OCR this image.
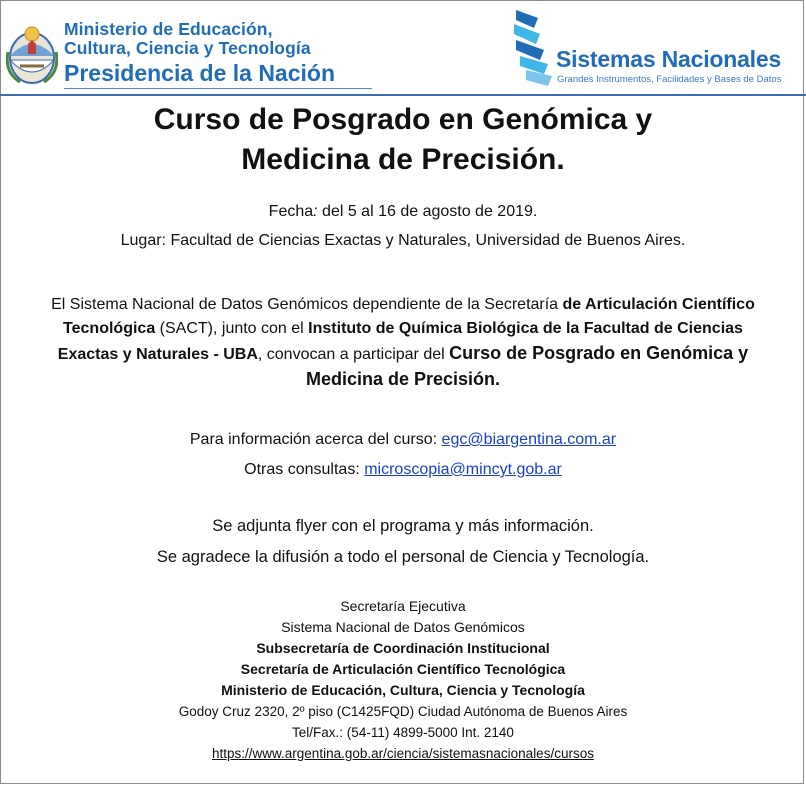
Ministerio de Educación,
Cultura, Ciencia y Tecnología
Presidencia de la Nación
Sistemas Nacionales
Grandes Instrumentos, Facilidades y Bases de Datos
Curso de Posgrado en Genómica y
Medicina de Precisión.
Fecha: del 5 al 16 de agosto de 2019.
Lugar: Facultad de Ciencias Exactas y Naturales, Universidad de Buenos Aires.
El Sistema Nacional de Datos Genómicos dependiente de la Secretaría de Articulación Científico Tecnológica (SACT), junto con el Instituto de Química Biológica de la Facultad de Ciencias Exactas y Naturales - UBA, convocan a participar del Curso de Posgrado en Genómica y Medicina de Precisión.
Para información acerca del curso: egc@biargentina.com.ar
Otras consultas: microscopia@mincyt.gob.ar
Se adjunta flyer con el programa y más información.
Se agradece la difusión a todo el personal de Ciencia y Tecnología.
Secretaría Ejecutiva
Sistema Nacional de Datos Genómicos
Subsecretaría de Coordinación Institucional
Secretaría de Articulación Científico Tecnológica
Ministerio de Educación, Cultura, Ciencia y Tecnología
Godoy Cruz 2320, 2º piso (C1425FQD) Ciudad Autónoma de Buenos Aires
Tel/Fax.: (54-11) 4899-5000 Int. 2140
https://www.argentina.gob.ar/ciencia/sistemasnacionales/cursos
